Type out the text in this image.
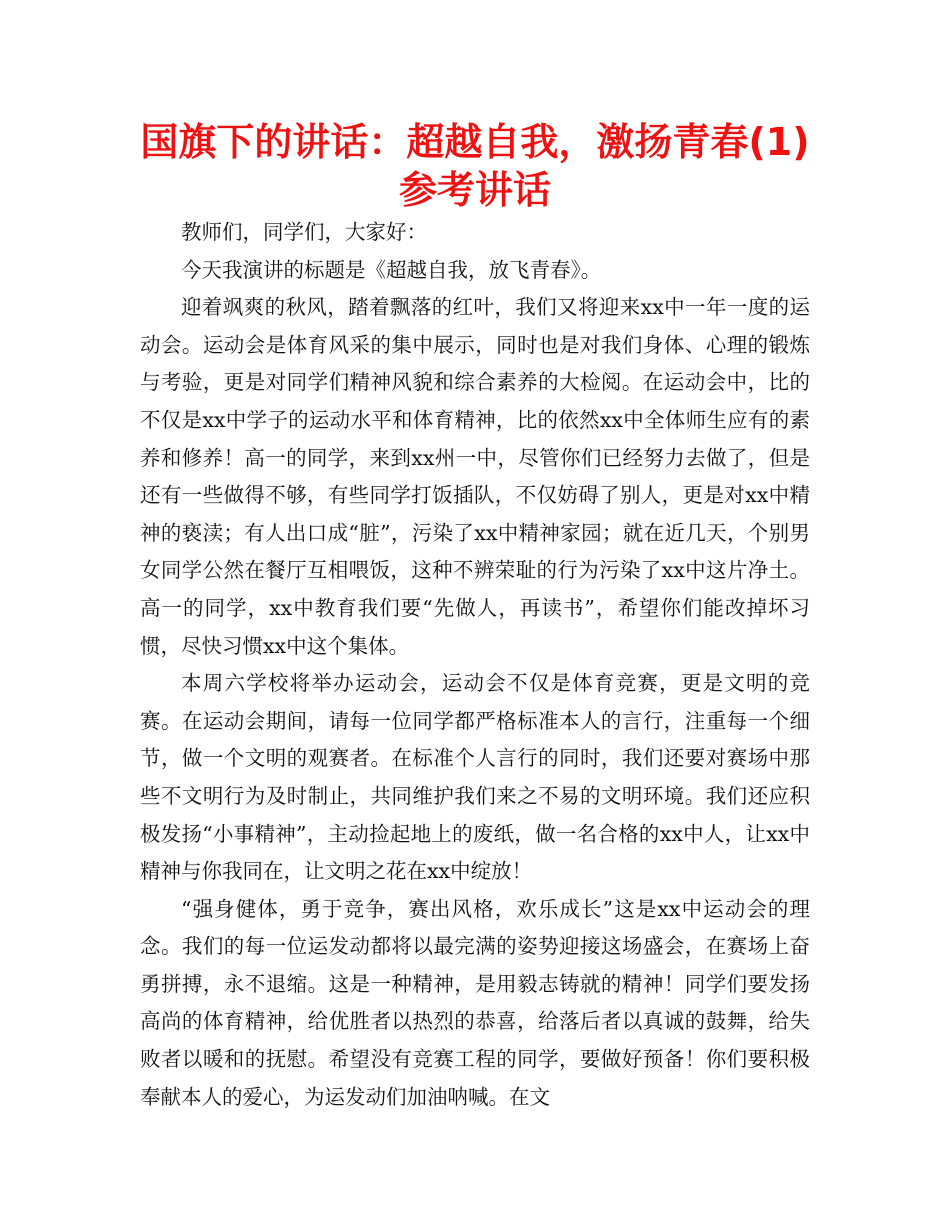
国旗下的讲话：超越自我，激扬青春(1)参考讲话

教师们，同学们，大家好：

今天我演讲的标题是《超越自我，放飞青春》。

迎着飒爽的秋风，踏着飘落的红叶，我们又将迎来xx中一年一度的运动会。运动会是体育风采的集中展示，同时也是对我们身体、心理的锻炼与考验，更是对同学们精神风貌和综合素养的大检阅。在运动会中，比的不仅是xx中学子的运动水平和体育精神，比的依然xx中全体师生应有的素养和修养！高一的同学，来到xx州一中，尽管你们已经努力去做了，但是还有一些做得不够，有些同学打饭插队，不仅妨碍了别人，更是对xx中精神的亵渎；有人出口成“脏”，污染了xx中精神家园；就在近几天，个别男女同学公然在餐厅互相喂饭，这种不辨荣耻的行为污染了xx中这片净土。高一的同学，xx中教育我们要“先做人，再读书”，希望你们能改掉坏习惯，尽快习惯xx中这个集体。

本周六学校将举办运动会，运动会不仅是体育竞赛，更是文明的竞赛。在运动会期间，请每一位同学都严格标准本人的言行，注重每一个细节，做一个文明的观赛者。在标准个人言行的同时，我们还要对赛场中那些不文明行为及时制止，共同维护我们来之不易的文明环境。我们还应积极发扬“小事精神”，主动捡起地上的废纸，做一名合格的xx中人，让xx中精神与你我同在，让文明之花在xx中绽放！

“强身健体，勇于竞争，赛出风格，欢乐成长”这是xx中运动会的理念。我们的每一位运发动都将以最完满的姿势迎接这场盛会，在赛场上奋勇拼搏，永不退缩。这是一种精神，是用毅志铸就的精神！同学们要发扬高尚的体育精神，给优胜者以热烈的恭喜，给落后者以真诚的鼓舞，给失败者以暖和的抚慰。希望没有竞赛工程的同学，要做好预备！你们要积极奉献本人的爱心，为运发动们加油呐喊。在文
